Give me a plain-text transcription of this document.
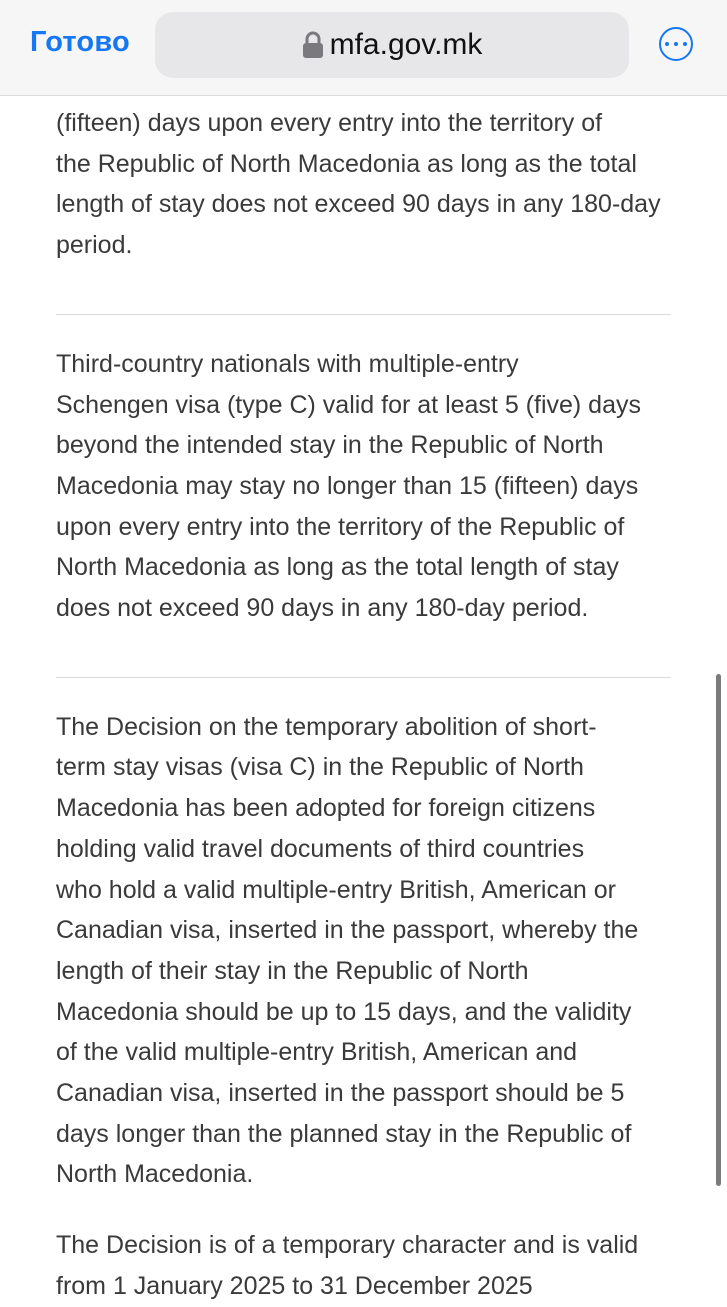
Готово	mfa.gov.mk

(fifteen) days upon every entry into the territory of
the Republic of North Macedonia as long as the total
length of stay does not exceed 90 days in any 180-day
period.

Third-country nationals with multiple-entry
Schengen visa (type C) valid for at least 5 (five) days
beyond the intended stay in the Republic of North
Macedonia may stay no longer than 15 (fifteen) days
upon every entry into the territory of the Republic of
North Macedonia as long as the total length of stay
does not exceed 90 days in any 180-day period.

The Decision on the temporary abolition of short-
term stay visas (visa C) in the Republic of North
Macedonia has been adopted for foreign citizens
holding valid travel documents of third countries
who hold a valid multiple-entry British, American or
Canadian visa, inserted in the passport, whereby the
length of their stay in the Republic of North
Macedonia should be up to 15 days, and the validity
of the valid multiple-entry British, American and
Canadian visa, inserted in the passport should be 5
days longer than the planned stay in the Republic of
North Macedonia.

The Decision is of a temporary character and is valid
from 1 January 2025 to 31 December 2025
